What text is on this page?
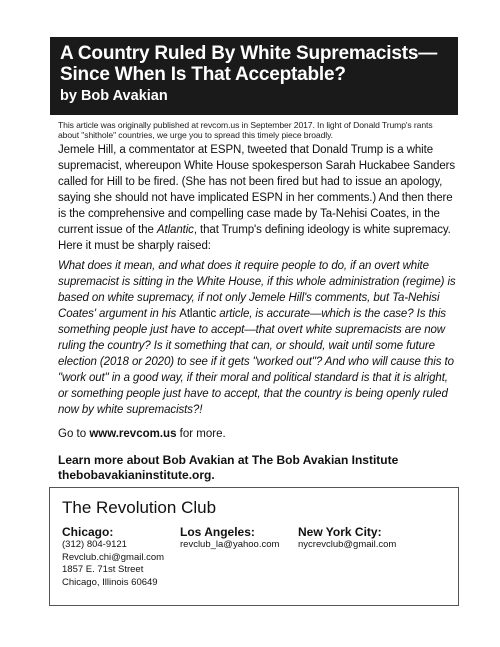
A Country Ruled By White Supremacists—
Since When Is That Acceptable?
by Bob Avakian
This article was originally published at revcom.us in September 2017. In light of Donald Trump's rants
about "shithole" countries, we urge you to spread this timely piece broadly.
Jemele Hill, a commentator at ESPN, tweeted that Donald Trump is a white supremacist, whereupon White House spokesperson Sarah Huckabee Sanders called for Hill to be fired. (She has not been fired but had to issue an apology, saying she should not have implicated ESPN in her comments.) And then there is the comprehensive and compelling case made by Ta-Nehisi Coates, in the current issue of the Atlantic, that Trump's defining ideology is white supremacy. Here it must be sharply raised:
What does it mean, and what does it require people to do, if an overt white supremacist is sitting in the White House, if this whole administration (regime) is based on white supremacy, if not only Jemele Hill's comments, but Ta-Nehisi Coates' argument in his Atlantic article, is accurate—which is the case? Is this something people just have to accept—that overt white supremacists are now ruling the country? Is it something that can, or should, wait until some future election (2018 or 2020) to see if it gets "worked out"? And who will cause this to "work out" in a good way, if their moral and political standard is that it is alright, or something people just have to accept, that the country is being openly ruled now by white supremacists?!
Go to www.revcom.us for more.
Learn more about Bob Avakian at The Bob Avakian Institute
thebobavakianinstitute.org.
The Revolution Club
Chicago:
(312) 804-9121
Revclub.chi@gmail.com
1857 E. 71st Street
Chicago, Illinois 60649
Los Angeles:
revclub_la@yahoo.com
New York City:
nycrevclub@gmail.com
